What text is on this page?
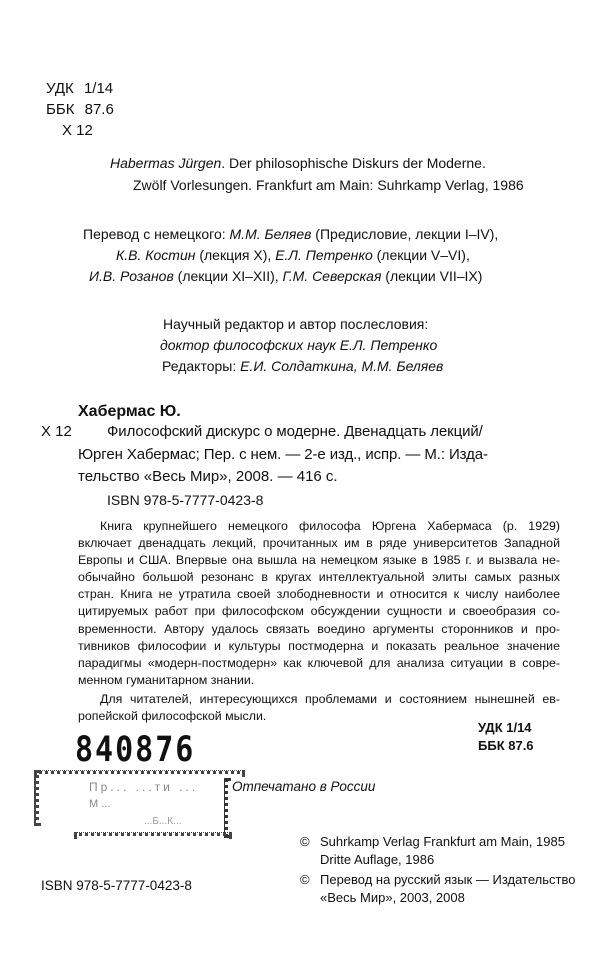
УДК 1/14
ББК 87.6
Х 12
Habermas Jürgen. Der philosophische Diskurs der Moderne.
Zwölf Vorlesungen. Frankfurt am Main: Suhrkamp Verlag, 1986
Перевод с немецкого: М.М. Беляев (Предисловие, лекции I–IV),
К.В. Костин (лекция X), Е.Л. Петренко (лекции V–VI),
И.В. Розанов (лекции XI–XII), Г.М. Северская (лекции VII–IX)
Научный редактор и автор послесловия:
доктор философских наук Е.Л. Петренко
Редакторы: Е.И. Солдаткина, М.М. Беляев
Хабермас Ю.
Х 12 Философский дискурс о модерне. Двенадцать лекций/
Юрген Хабермас; Пер. с нем. — 2-е изд., испр. — М.: Изда-
тельство «Весь Мир», 2008. — 416 с.
ISBN 978-5-7777-0423-8
Книга крупнейшего немецкого философа Юргена Хабермаса (р. 1929)
включает двенадцать лекций, прочитанных им в ряде университетов Западной
Европы и США. Впервые она вышла на немецком языке в 1985 г. и вызвала не-
обычайно большой резонанс в кругах интеллектуальной элиты самых разных
стран. Книга не утратила своей злободневности и относится к числу наиболее
цитируемых работ при философском обсуждении сущности и своеобразия со-
временности. Автору удалось связать воедино аргументы сторонников и про-
тивников философии и культуры постмодерна и показать реальное значение
парадигмы «модерн-постмодерн» как ключевой для анализа ситуации в совре-
менном гуманитарном знании.
Для читателей, интересующихся проблемами и состоянием нынешней ев-
ропейской философской мысли.
УДК 1/14
ББК 87.6
840876
Пр... ...ти ...
М ...
...Б...К...
Отпечатано в России
© Suhrkamp Verlag Frankfurt am Main, 1985
Dritte Auflage, 1986
© Перевод на русский язык — Издательство
«Весь Мир», 2003, 2008
ISBN 978-5-7777-0423-8
